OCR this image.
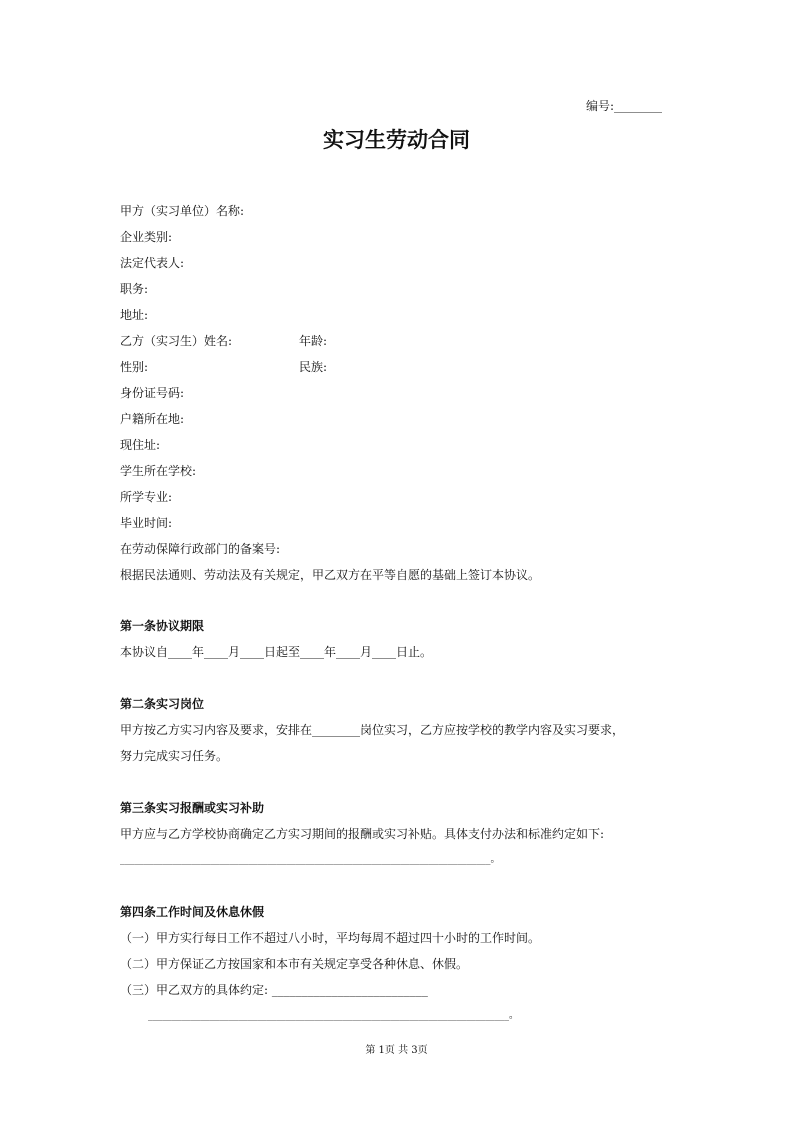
编号:________
实习生劳动合同
甲方（实习单位）名称:
企业类别:
法定代表人:
职务:
地址:
乙方（实习生）姓名:	年龄:
性别:	民族:
身份证号码:
户籍所在地:
现住址:
学生所在学校:
所学专业:
毕业时间:
在劳动保障行政部门的备案号:
根据民法通则、劳动法及有关规定，甲乙双方在平等自愿的基础上签订本协议。
第一条协议期限
本协议自____年____月____日起至____年____月____日止。
第二条实习岗位
甲方按乙方实习内容及要求，安排在________岗位实习，乙方应按学校的教学内容及实习要求，
努力完成实习任务。
第三条实习报酬或实习补助
甲方应与乙方学校协商确定乙方实习期间的报酬或实习补贴。具体支付办法和标准约定如下:
______________________________________________________________________________。
第四条工作时间及休息休假
（一）甲方实行每日工作不超过八小时，平均每周不超过四十小时的工作时间。
（二）甲方保证乙方按国家和本市有关规定享受各种休息、休假。
（三）甲乙双方的具体约定: __________________________
____________________________________________________________________________。
第 1页 共 3页
